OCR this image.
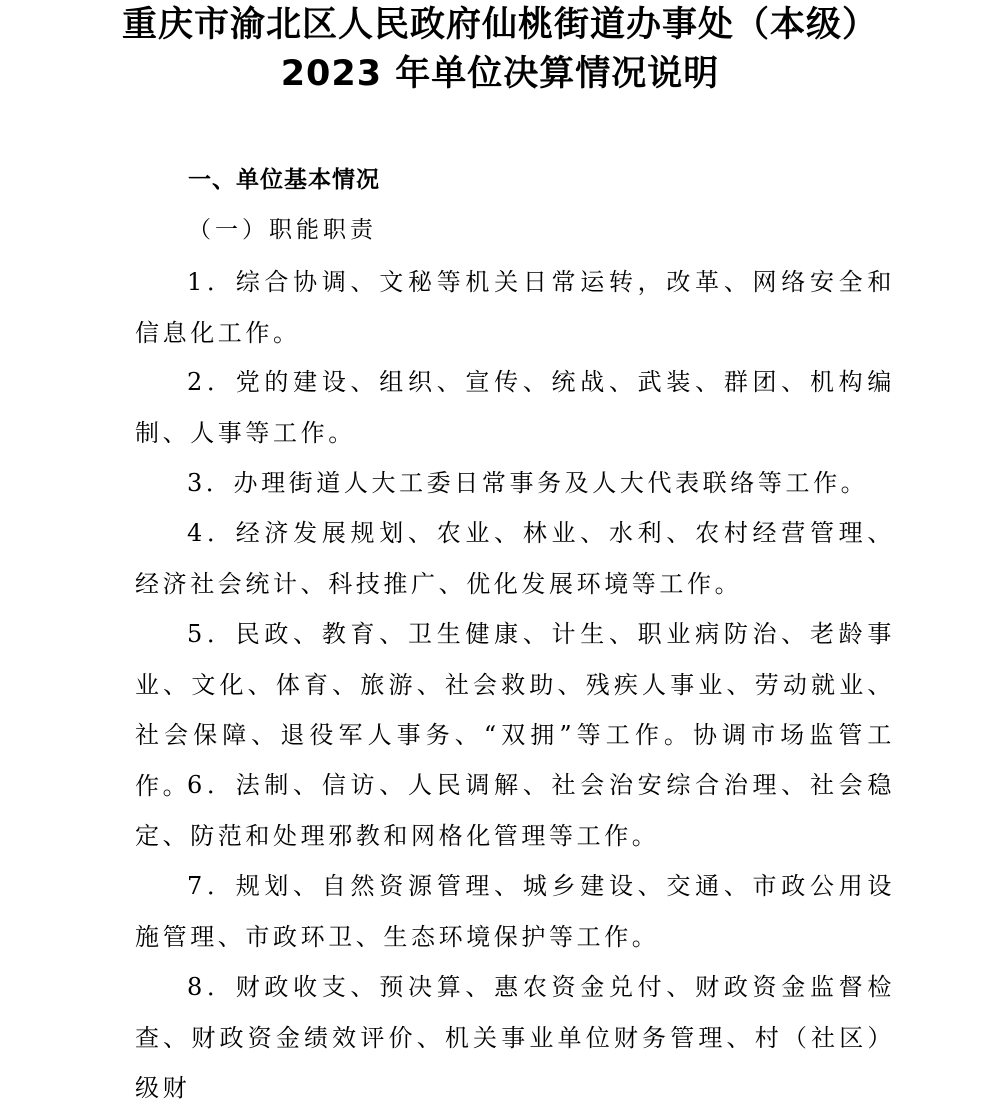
重庆市渝北区人民政府仙桃街道办事处（本级）
2023 年单位决算情况说明
一、单位基本情况
（一）职能职责
1．综合协调、文秘等机关日常运转，改革、网络安全和信息化工作。
2．党的建设、组织、宣传、统战、武装、群团、机构编制、人事等工作。
3．办理街道人大工委日常事务及人大代表联络等工作。
4．经济发展规划、农业、林业、水利、农村经营管理、经济社会统计、科技推广、优化发展环境等工作。
5．民政、教育、卫生健康、计生、职业病防治、老龄事业、文化、体育、旅游、社会救助、残疾人事业、劳动就业、社会保障、退役军人事务、“双拥”等工作。协调市场监管工作。
6．法制、信访、人民调解、社会治安综合治理、社会稳定、防范和处理邪教和网格化管理等工作。
7．规划、自然资源管理、城乡建设、交通、市政公用设施管理、市政环卫、生态环境保护等工作。
8．财政收支、预决算、惠农资金兑付、财政资金监督检查、财政资金绩效评价、机关事业单位财务管理、村（社区）级财
